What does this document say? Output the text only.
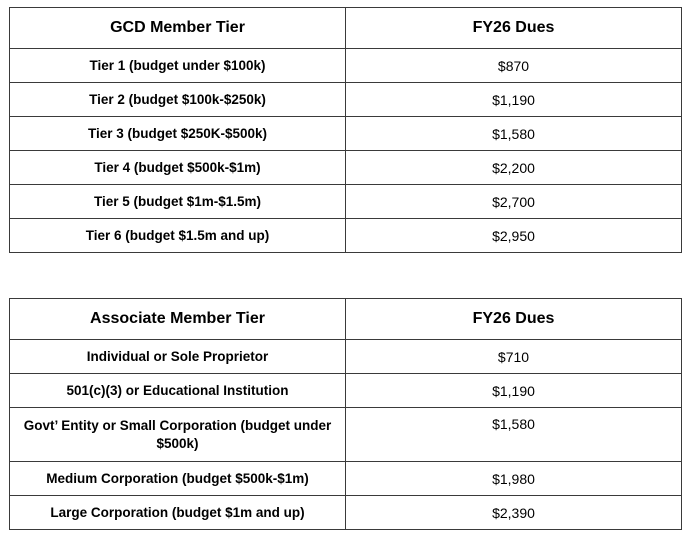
GCD Member Tier	FY26 Dues
Tier 1 (budget under $100k)	$870
Tier 2 (budget $100k-$250k)	$1,190
Tier 3 (budget $250K-$500k)	$1,580
Tier 4 (budget $500k-$1m)	$2,200
Tier 5 (budget $1m-$1.5m)	$2,700
Tier 6 (budget $1.5m and up)	$2,950
Associate Member Tier	FY26 Dues
Individual or Sole Proprietor	$710
501(c)(3) or Educational Institution	$1,190
Govt’ Entity or Small Corporation (budget under $500k)	$1,580
Medium Corporation (budget $500k-$1m)	$1,980
Large Corporation (budget $1m and up)	$2,390
